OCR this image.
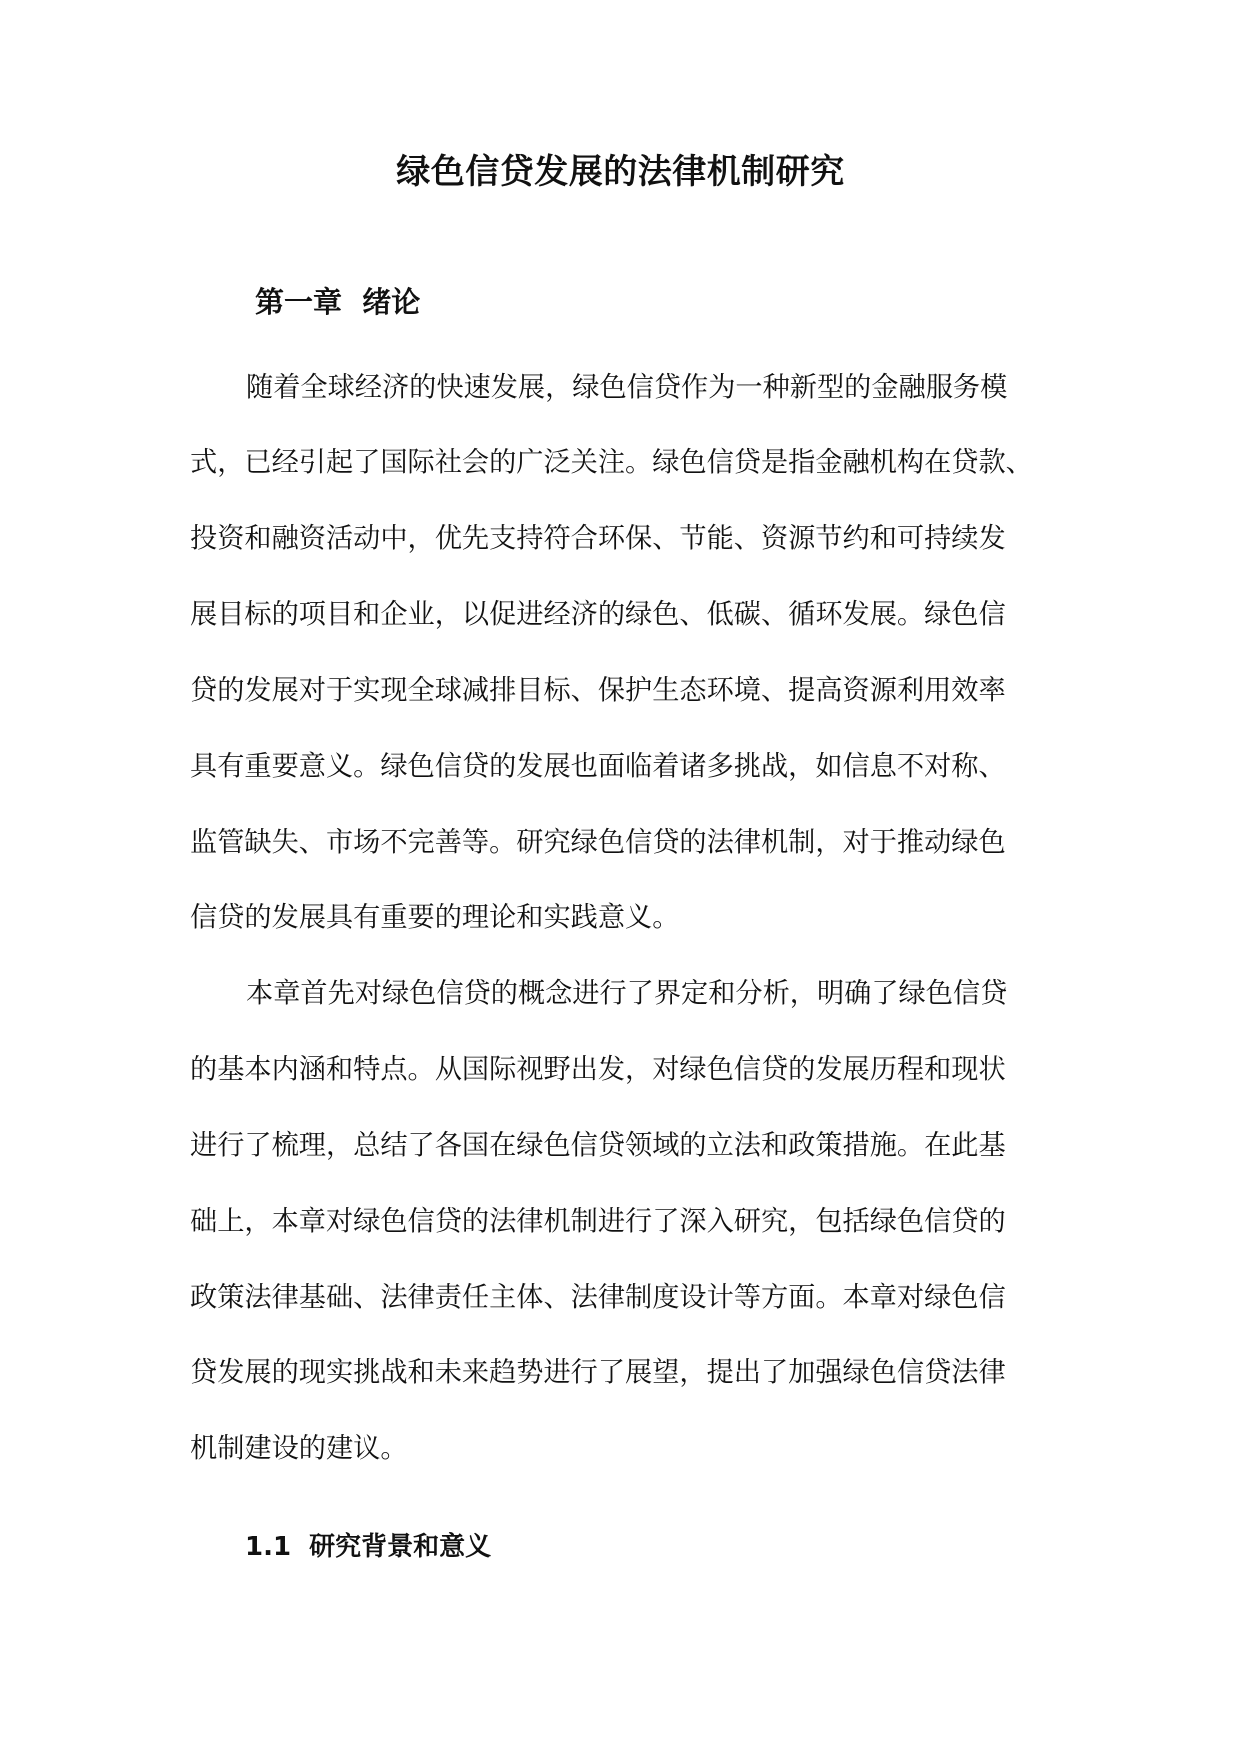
绿色信贷发展的法律机制研究
第一章  绪论
随着全球经济的快速发展，绿色信贷作为一种新型的金融服务模
式，已经引起了国际社会的广泛关注。绿色信贷是指金融机构在贷款、
投资和融资活动中，优先支持符合环保、节能、资源节约和可持续发
展目标的项目和企业，以促进经济的绿色、低碳、循环发展。绿色信
贷的发展对于实现全球减排目标、保护生态环境、提高资源利用效率
具有重要意义。绿色信贷的发展也面临着诸多挑战，如信息不对称、
监管缺失、市场不完善等。研究绿色信贷的法律机制，对于推动绿色
信贷的发展具有重要的理论和实践意义。
本章首先对绿色信贷的概念进行了界定和分析，明确了绿色信贷
的基本内涵和特点。从国际视野出发，对绿色信贷的发展历程和现状
进行了梳理，总结了各国在绿色信贷领域的立法和政策措施。在此基
础上，本章对绿色信贷的法律机制进行了深入研究，包括绿色信贷的
政策法律基础、法律责任主体、法律制度设计等方面。本章对绿色信
贷发展的现实挑战和未来趋势进行了展望，提出了加强绿色信贷法律
机制建设的建议。
1.1  研究背景和意义
